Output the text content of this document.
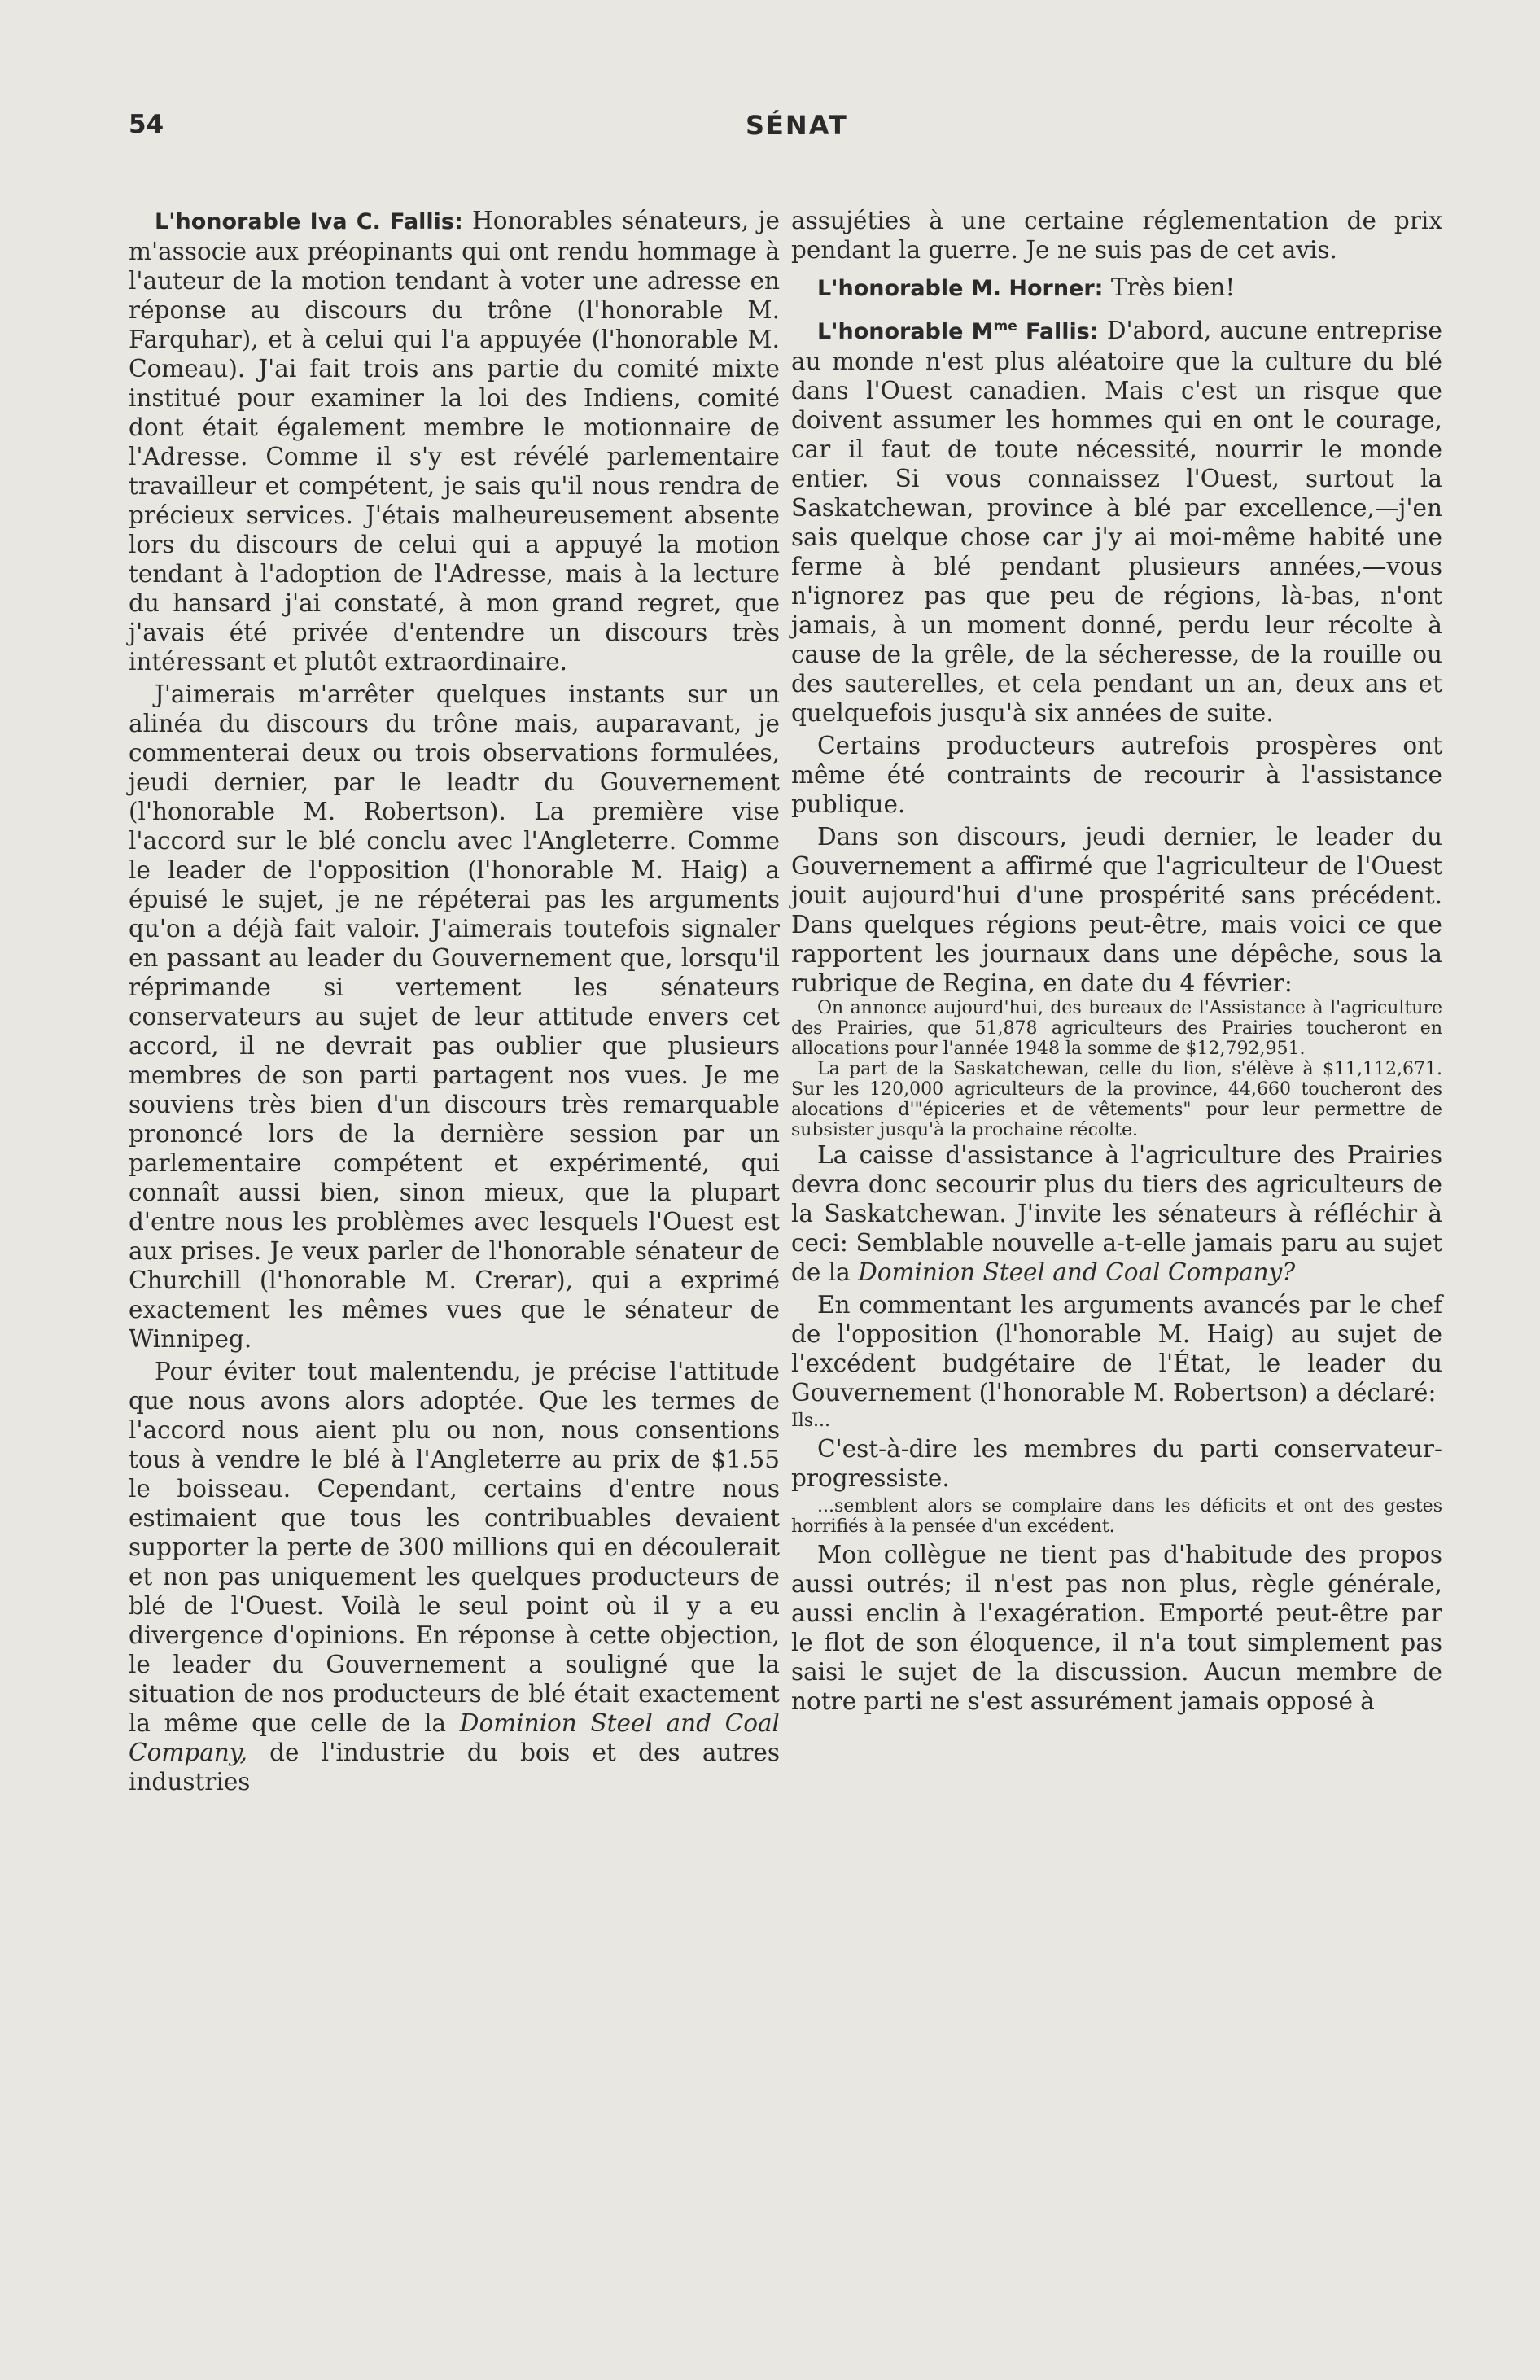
54	SÉNAT

L'honorable Iva C. Fallis: Honorables sénateurs, je m'associe aux préopinants qui ont rendu hommage à l'auteur de la motion tendant à voter une adresse en réponse au discours du trône (l'honorable M. Farquhar), et à celui qui l'a appuyée (l'honorable M. Comeau). J'ai fait trois ans partie du comité mixte institué pour examiner la loi des Indiens, comité dont était également membre le motionnaire de l'Adresse. Comme il s'y est révélé parlementaire travailleur et compétent, je sais qu'il nous rendra de précieux services. J'étais malheureusement absente lors du discours de celui qui a appuyé la motion tendant à l'adoption de l'Adresse, mais à la lecture du hansard j'ai constaté, à mon grand regret, que j'avais été privée d'entendre un discours très intéressant et plutôt extraordinaire.

J'aimerais m'arrêter quelques instants sur un alinéa du discours du trône mais, auparavant, je commenterai deux ou trois observations formulées, jeudi dernier, par le leadtr du Gouvernement (l'honorable M. Robertson). La première vise l'accord sur le blé conclu avec l'Angleterre. Comme le leader de l'opposition (l'honorable M. Haig) a épuisé le sujet, je ne répéterai pas les arguments qu'on a déjà fait valoir. J'aimerais toutefois signaler en passant au leader du Gouvernement que, lorsqu'il réprimande si vertement les sénateurs conservateurs au sujet de leur attitude envers cet accord, il ne devrait pas oublier que plusieurs membres de son parti partagent nos vues. Je me souviens très bien d'un discours très remarquable prononcé lors de la dernière session par un parlementaire compétent et expérimenté, qui connaît aussi bien, sinon mieux, que la plupart d'entre nous les problèmes avec lesquels l'Ouest est aux prises. Je veux parler de l'honorable sénateur de Churchill (l'honorable M. Crerar), qui a exprimé exactement les mêmes vues que le sénateur de Winnipeg.

Pour éviter tout malentendu, je précise l'attitude que nous avons alors adoptée. Que les termes de l'accord nous aient plu ou non, nous consentions tous à vendre le blé à l'Angleterre au prix de $1.55 le boisseau. Cependant, certains d'entre nous estimaient que tous les contribuables devaient supporter la perte de 300 millions qui en découlerait et non pas uniquement les quelques producteurs de blé de l'Ouest. Voilà le seul point où il y a eu divergence d'opinions. En réponse à cette objection, le leader du Gouvernement a souligné que la situation de nos producteurs de blé était exactement la même que celle de la Dominion Steel and Coal Company, de l'industrie du bois et des autres industries

assujéties à une certaine réglementation de prix pendant la guerre. Je ne suis pas de cet avis.

L'honorable M. Horner: Très bien!

L'honorable $M^{me}$ Fallis: D'abord, aucune entreprise au monde n'est plus aléatoire que la culture du blé dans l'Ouest canadien. Mais c'est un risque que doivent assumer les hommes qui en ont le courage, car il faut de toute nécessité, nourrir le monde entier. Si vous connaissez l'Ouest, surtout la Saskatchewan, province à blé par excellence,—j'en sais quelque chose car j'y ai moi-même habité une ferme à blé pendant plusieurs années,—vous n'ignorez pas que peu de régions, là-bas, n'ont jamais, à un moment donné, perdu leur récolte à cause de la grêle, de la sécheresse, de la rouille ou des sauterelles, et cela pendant un an, deux ans et quelquefois jusqu'à six années de suite.

Certains producteurs autrefois prospères ont même été contraints de recourir à l'assistance publique.

Dans son discours, jeudi dernier, le leader du Gouvernement a affirmé que l'agriculteur de l'Ouest jouit aujourd'hui d'une prospérité sans précédent. Dans quelques régions peut-être, mais voici ce que rapportent les journaux dans une dépêche, sous la rubrique de Regina, en date du 4 février:

On annonce aujourd'hui, des bureaux de l'Assistance à l'agriculture des Prairies, que 51,878 agriculteurs des Prairies toucheront en allocations pour l'année 1948 la somme de $12,792,951.

La part de la Saskatchewan, celle du lion, s'élève à $11,112,671. Sur les 120,000 agriculteurs de la province, 44,660 toucheront des alocations d'"épiceries et de vêtements" pour leur permettre de subsister jusqu'à la prochaine récolte.

La caisse d'assistance à l'agriculture des Prairies devra donc secourir plus du tiers des agriculteurs de la Saskatchewan. J'invite les sénateurs à réfléchir à ceci: Semblable nouvelle a-t-elle jamais paru au sujet de la Dominion Steel and Coal Company?

En commentant les arguments avancés par le chef de l'opposition (l'honorable M. Haig) au sujet de l'excédent budgétaire de l'État, le leader du Gouvernement (l'honorable M. Robertson) a déclaré:

Ils...

C'est-à-dire les membres du parti conservateur-progressiste.

...semblent alors se complaire dans les déficits et ont des gestes horrifiés à la pensée d'un excédent.

Mon collègue ne tient pas d'habitude des propos aussi outrés; il n'est pas non plus, règle générale, aussi enclin à l'exagération. Emporté peut-être par le flot de son éloquence, il n'a tout simplement pas saisi le sujet de la discussion. Aucun membre de notre parti ne s'est assurément jamais opposé à
